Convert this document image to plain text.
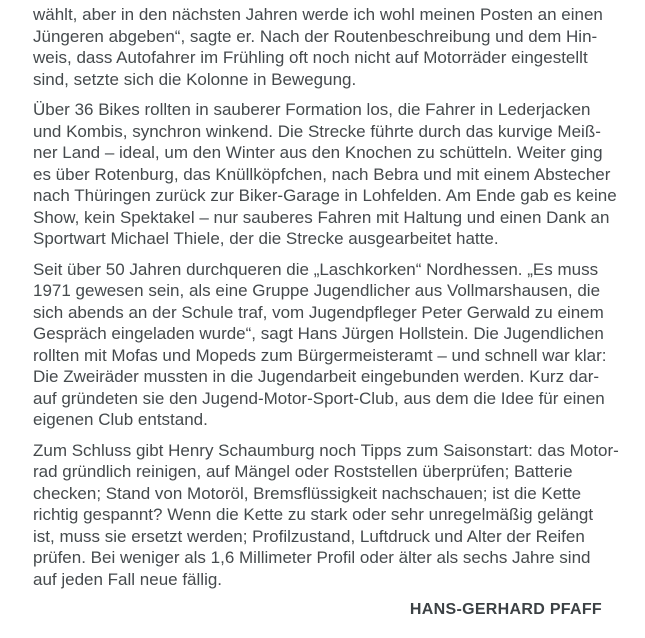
wählt, aber in den nächsten Jahren werde ich wohl meinen Posten an einen
Jüngeren abgeben“, sagte er. Nach der Routenbeschreibung und dem Hin-
weis, dass Autofahrer im Frühling oft noch nicht auf Motorräder eingestellt
sind, setzte sich die Kolonne in Bewegung.
Über 36 Bikes rollten in sauberer Formation los, die Fahrer in Lederjacken
und Kombis, synchron winkend. Die Strecke führte durch das kurvige Meiß-
ner Land – ideal, um den Winter aus den Knochen zu schütteln. Weiter ging
es über Rotenburg, das Knüllköpfchen, nach Bebra und mit einem Abstecher
nach Thüringen zurück zur Biker-Garage in Lohfelden. Am Ende gab es keine
Show, kein Spektakel – nur sauberes Fahren mit Haltung und einen Dank an
Sportwart Michael Thiele, der die Strecke ausgearbeitet hatte.
Seit über 50 Jahren durchqueren die „Laschkorken“ Nordhessen. „Es muss
1971 gewesen sein, als eine Gruppe Jugendlicher aus Vollmarshausen, die
sich abends an der Schule traf, vom Jugendpfleger Peter Gerwald zu einem
Gespräch eingeladen wurde“, sagt Hans Jürgen Hollstein. Die Jugendlichen
rollten mit Mofas und Mopeds zum Bürgermeisteramt – und schnell war klar:
Die Zweiräder mussten in die Jugendarbeit eingebunden werden. Kurz dar-
auf gründeten sie den Jugend-Motor-Sport-Club, aus dem die Idee für einen
eigenen Club entstand.
Zum Schluss gibt Henry Schaumburg noch Tipps zum Saisonstart: das Motor-
rad gründlich reinigen, auf Mängel oder Roststellen überprüfen; Batterie
checken; Stand von Motoröl, Bremsflüssigkeit nachschauen; ist die Kette
richtig gespannt? Wenn die Kette zu stark oder sehr unregelmäßig gelängt
ist, muss sie ersetzt werden; Profilzustand, Luftdruck und Alter der Reifen
prüfen. Bei weniger als 1,6 Millimeter Profil oder älter als sechs Jahre sind
auf jeden Fall neue fällig.
HANS-GERHARD PFAFF
